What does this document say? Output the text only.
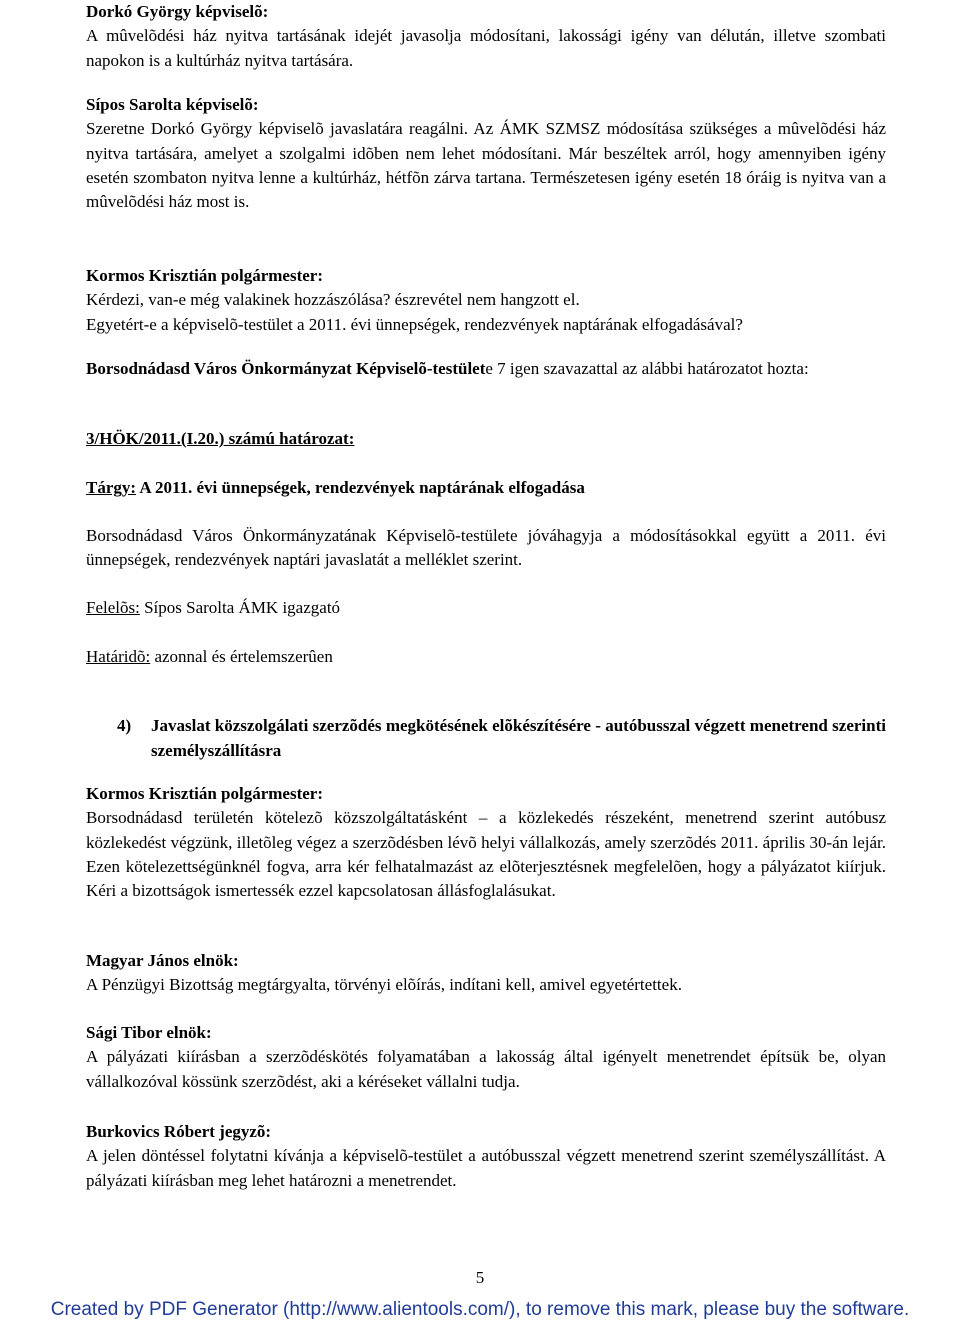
Dorkó György képviselõ:

A mûvelõdési ház nyitva tartásának idejét javasolja módosítani, lakossági igény van délután, illetve szombati napokon is a kultúrház nyitva tartására.

Sípos Sarolta képviselõ:

Szeretne Dorkó György képviselõ javaslatára reagálni. Az ÁMK SZMSZ módosítása szükséges a mûvelõdési ház nyitva tartására, amelyet a szolgalmi idõben nem lehet módosítani. Már beszéltek arról, hogy amennyiben igény esetén szombaton nyitva lenne a kultúrház, hétfõn zárva tartana. Természetesen igény esetén 18 óráig is nyitva van a mûvelõdési ház most is.

Kormos Krisztián polgármester:

Kérdezi, van-e még valakinek hozzászólása? észrevétel nem hangzott el.

Egyetért-e a képviselõ-testület a 2011. évi ünnepségek, rendezvények naptárának elfogadásával?

Borsodnádasd Város Önkormányzat Képviselõ-testülete 7 igen szavazattal az alábbi határozatot hozta:

3/HÖK/2011.(I.20.) számú határozat:

Tárgy: A 2011. évi ünnepségek, rendezvények naptárának elfogadása

Borsodnádasd Város Önkormányzatának Képviselõ-testülete jóváhagyja a módosításokkal együtt a 2011. évi ünnepségek, rendezvények naptári javaslatát a melléklet szerint.

Felelõs: Sípos Sarolta ÁMK igazgató

Határidõ: azonnal és értelemszerûen

4) Javaslat közszolgálati szerzõdés megkötésének elõkészítésére - autóbusszal végzett menetrend szerinti személyszállításra

Kormos Krisztián polgármester:

Borsodnádasd területén kötelezõ közszolgáltatásként – a közlekedés részeként, menetrend szerint autóbusz közlekedést végzünk, illetõleg végez a szerzõdésben lévõ helyi vállalkozás, amely szerzõdés 2011. április 30-án lejár. Ezen kötelezettségünknél fogva, arra kér felhatalmazást az elõterjesztésnek megfelelõen, hogy a pályázatot kiírjuk. Kéri a bizottságok ismertessék ezzel kapcsolatosan állásfoglalásukat.

Magyar János elnök:

A Pénzügyi Bizottság megtárgyalta, törvényi elõírás, indítani kell, amivel egyetértettek.

Sági Tibor elnök:

A pályázati kiírásban a szerzõdéskötés folyamatában a lakosság által igényelt menetrendet építsük be, olyan vállalkozóval kössünk szerzõdést, aki a kéréseket vállalni tudja.

Burkovics Róbert jegyzõ:

A jelen döntéssel folytatni kívánja a képviselõ-testület a autóbusszal végzett menetrend szerint személyszállítást. A pályázati kiírásban meg lehet határozni a menetrendet.

5
Created by PDF Generator (http://www.alientools.com/), to remove this mark, please buy the software.
